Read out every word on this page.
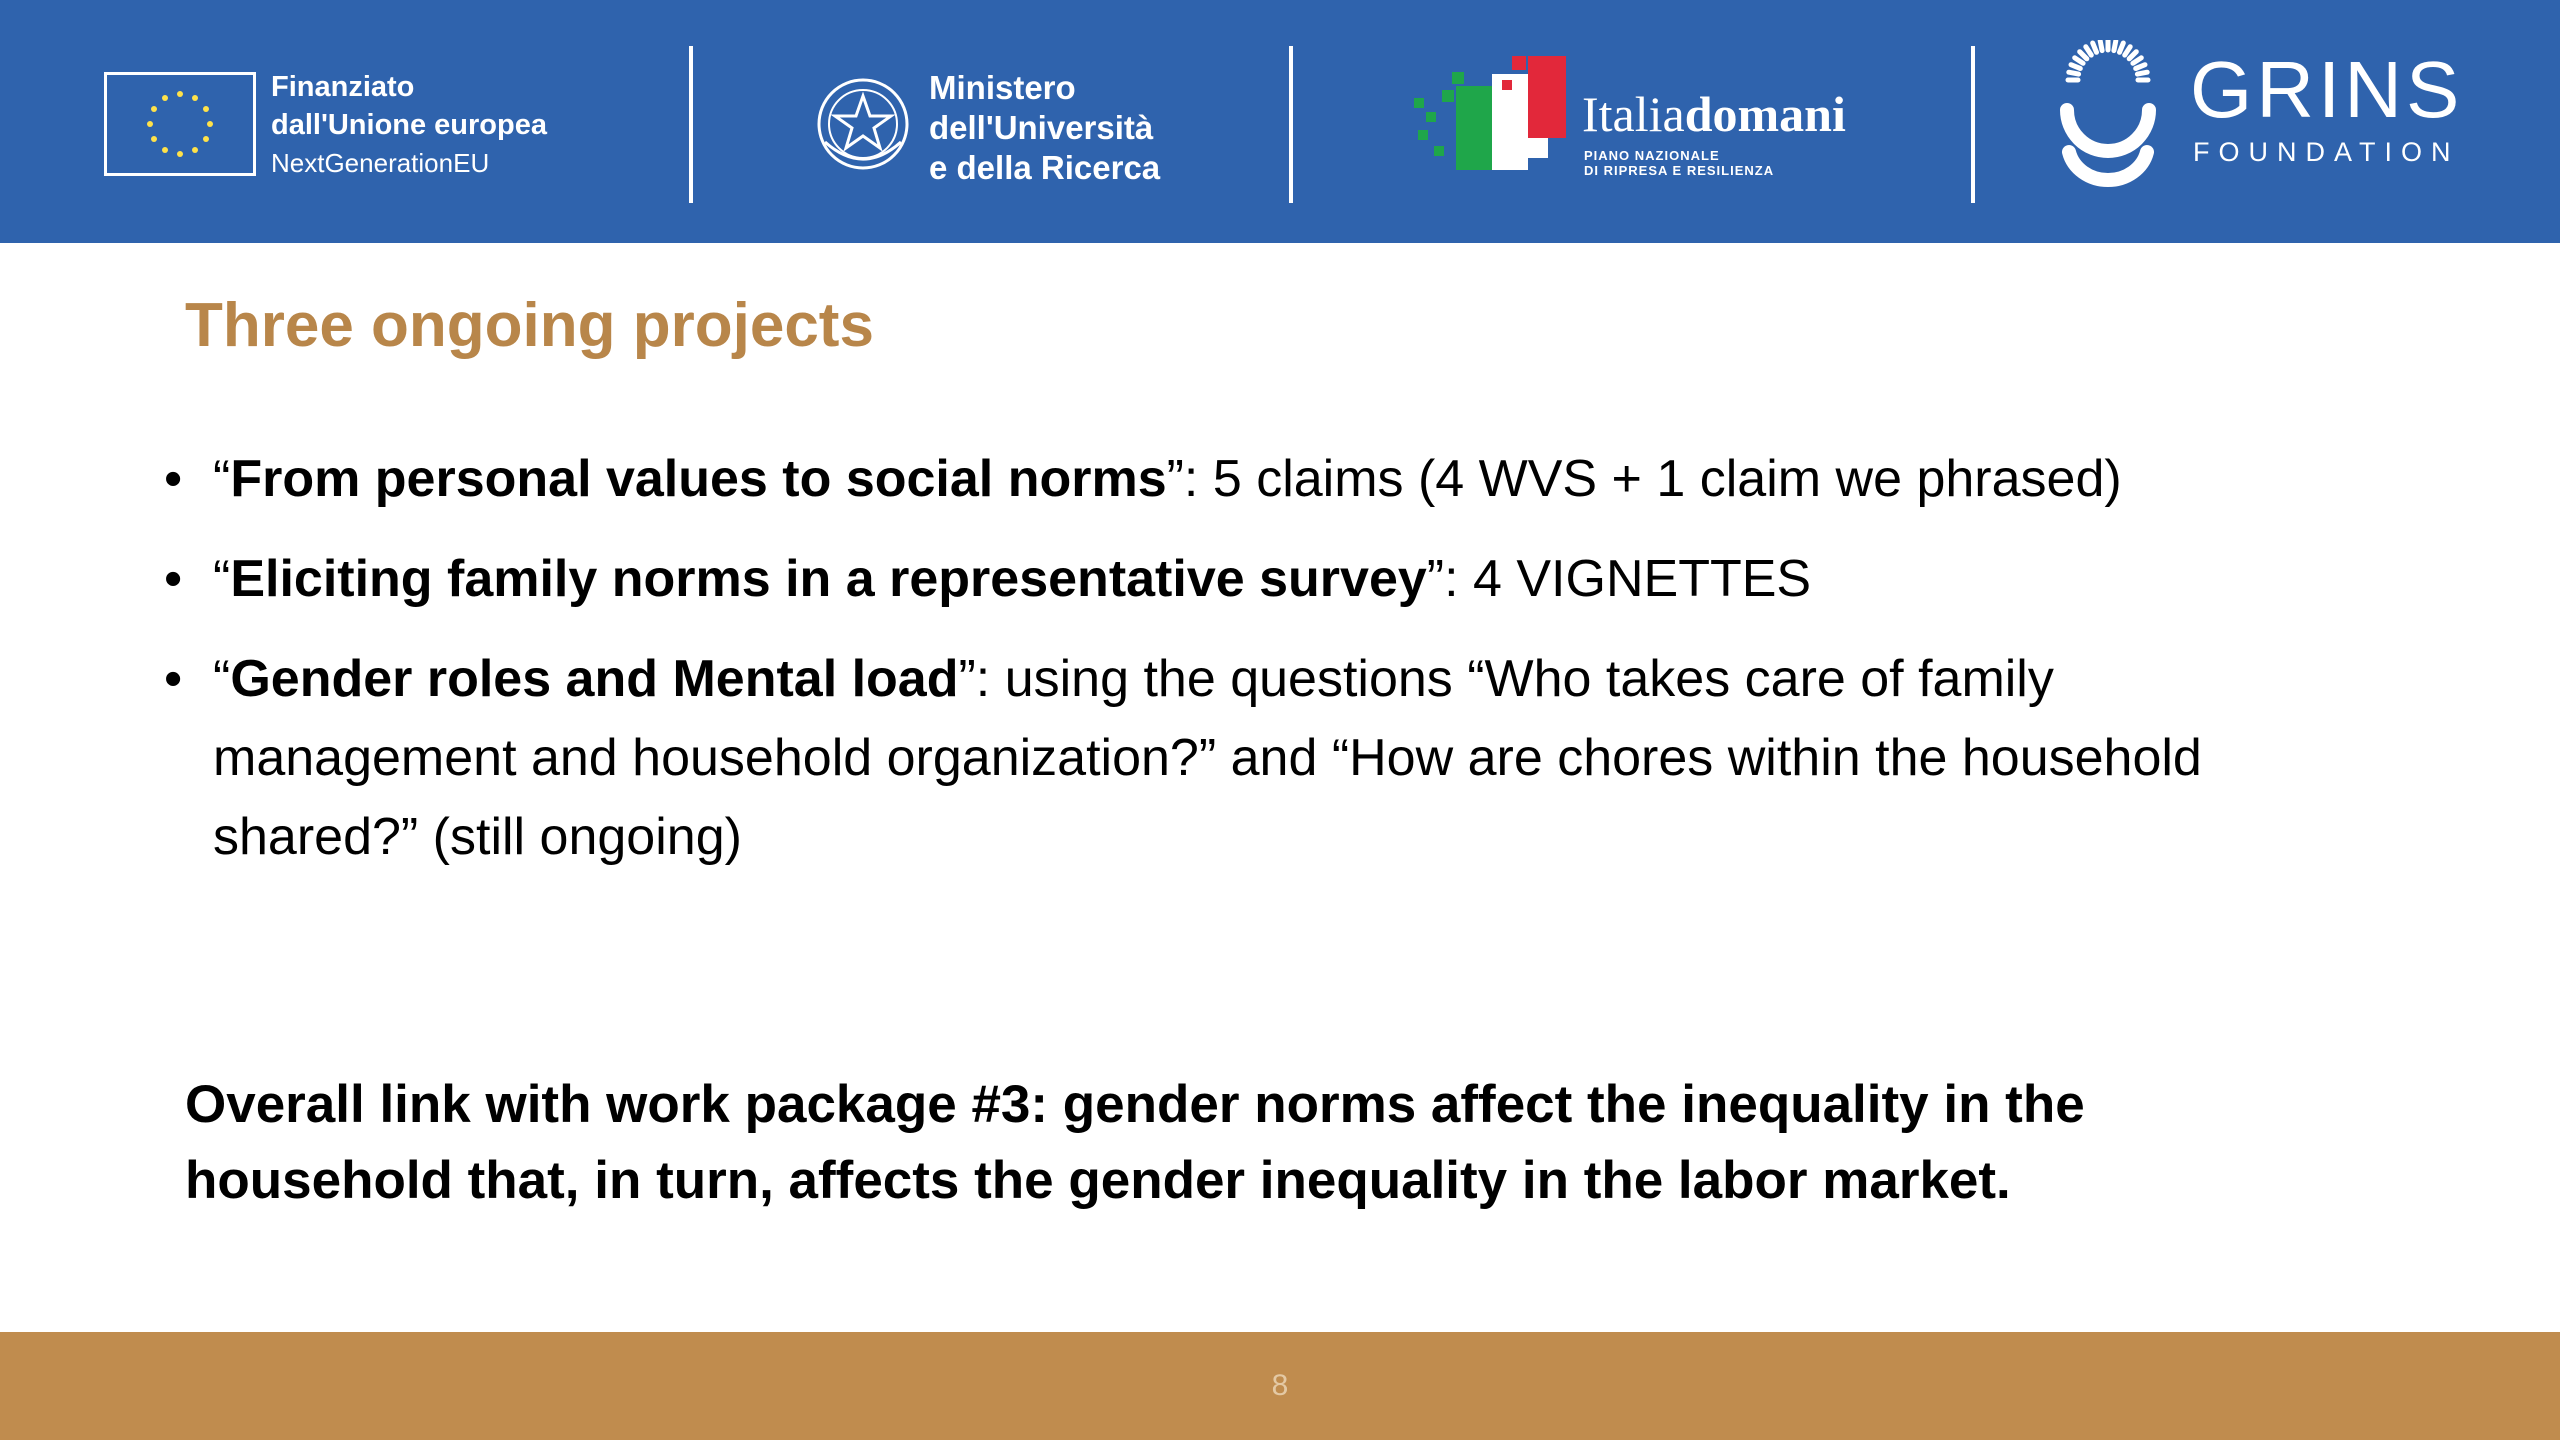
Finanziato
dall'Unione europea
NextGenerationEU
Ministero
dell'Università
e della Ricerca
Italiadomani
PIANO NAZIONALE
DI RIPRESA E RESILIENZA
GRINS
FOUNDATION
Three ongoing projects
• “From personal values to social norms”: 5 claims (4 WVS + 1 claim we phrased)
• “Eliciting family norms in a representative survey”: 4 VIGNETTES
• “Gender roles and Mental load”: using the questions “Who takes care of family management and household organization?” and “How are chores within the household shared?” (still ongoing)

Overall link with work package #3: gender norms affect the inequality in the household that, in turn, affects the gender inequality in the labor market.

8
